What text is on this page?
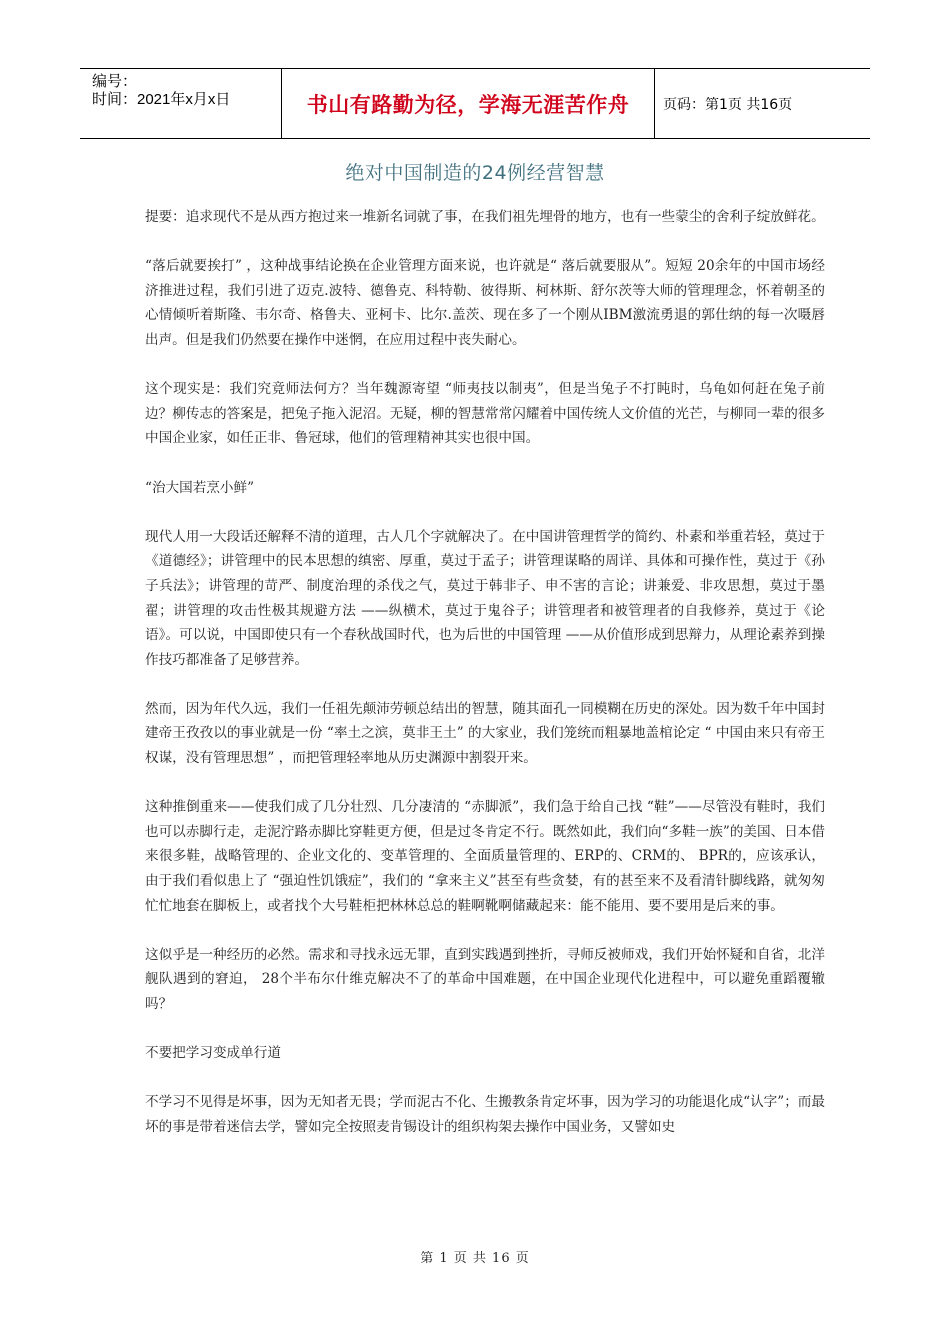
编号：
时间：2021年x月x日	书山有路勤为径，学海无涯苦作舟 页码：第1页 共16页
绝对中国制造的24例经营智慧

提要：追求现代不是从西方抱过来一堆新名词就了事，在我们祖先埋骨的地方，也有一些蒙尘的舍利子绽放鲜花。

“落后就要挨打” ，这种战事结论换在企业管理方面来说，也许就是“ 落后就要服从”。短短 20余年的中国市场经济推进过程，我们引进了迈克.波特、德鲁克、科特勒、彼得斯、柯林斯、舒尔茨等大师的管理理念，怀着朝圣的心情倾听着斯隆、韦尔奇、格鲁夫、亚柯卡、比尔.盖茨、现在多了一个刚从IBM激流勇退的郭仕纳的每一次嗫唇出声。但是我们仍然要在操作中迷惘，在应用过程中丧失耐心。

这个现实是：我们究竟师法何方？当年魏源寄望 “师夷技以制夷”，但是当兔子不打盹时，乌龟如何赶在兔子前边？柳传志的答案是，把兔子拖入泥沼。无疑，柳的智慧常常闪耀着中国传统人文价值的光芒，与柳同一辈的很多中国企业家，如任正非、鲁冠球，他们的管理精神其实也很中国。

“治大国若烹小鲜”

现代人用一大段话还解释不清的道理，古人几个字就解决了。在中国讲管理哲学的简约、朴素和举重若轻，莫过于《道德经》；讲管理中的民本思想的缜密、厚重，莫过于孟子；讲管理谋略的周详、具体和可操作性，莫过于《孙子兵法》；讲管理的苛严、制度治理的杀伐之气，莫过于韩非子、申不害的言论；讲兼爱、非攻思想，莫过于墨翟；讲管理的攻击性极其规避方法 ——纵横术，莫过于鬼谷子；讲管理者和被管理者的自我修养，莫过于《论语》。可以说，中国即使只有一个春秋战国时代，也为后世的中国管理 ——从价值形成到思辩力，从理论素养到操作技巧都准备了足够营养。

然而，因为年代久远，我们一任祖先颠沛劳顿总结出的智慧，随其面孔一同模糊在历史的深处。因为数千年中国封建帝王孜孜以的事业就是一份 “率土之滨，莫非王土” 的大家业，我们笼统而粗暴地盖棺论定 “ 中国由来只有帝王权谋，没有管理思想” ，而把管理轻率地从历史渊源中割裂开来。

这种推倒重来——使我们成了几分壮烈、几分凄清的 “赤脚派”，我们急于给自己找 “鞋”——尽管没有鞋时，我们也可以赤脚行走，走泥泞路赤脚比穿鞋更方便，但是过冬肯定不行。既然如此，我们向“多鞋一族”的美国、日本借来很多鞋，战略管理的、企业文化的、变革管理的、全面质量管理的、ERP的、CRM的、 BPR的，应该承认，由于我们看似患上了 “强迫性饥饿症”，我们的 “拿来主义”甚至有些贪婪，有的甚至来不及看清针脚线路，就匆匆忙忙地套在脚板上，或者找个大号鞋柜把林林总总的鞋啊靴啊储藏起来：能不能用、要不要用是后来的事。

这似乎是一种经历的必然。需求和寻找永远无罪，直到实践遇到挫折，寻师反被师戏，我们开始怀疑和自省，北洋舰队遇到的窘迫， 28个半布尔什维克解决不了的革命中国难题，在中国企业现代化进程中，可以避免重蹈覆辙吗？

不要把学习变成单行道

不学习不见得是坏事，因为无知者无畏；学而泥古不化、生搬教条肯定坏事，因为学习的功能退化成“认字”；而最坏的事是带着迷信去学，譬如完全按照麦肯锡设计的组织构架去操作中国业务，又譬如史

第 1 页 共 16 页
